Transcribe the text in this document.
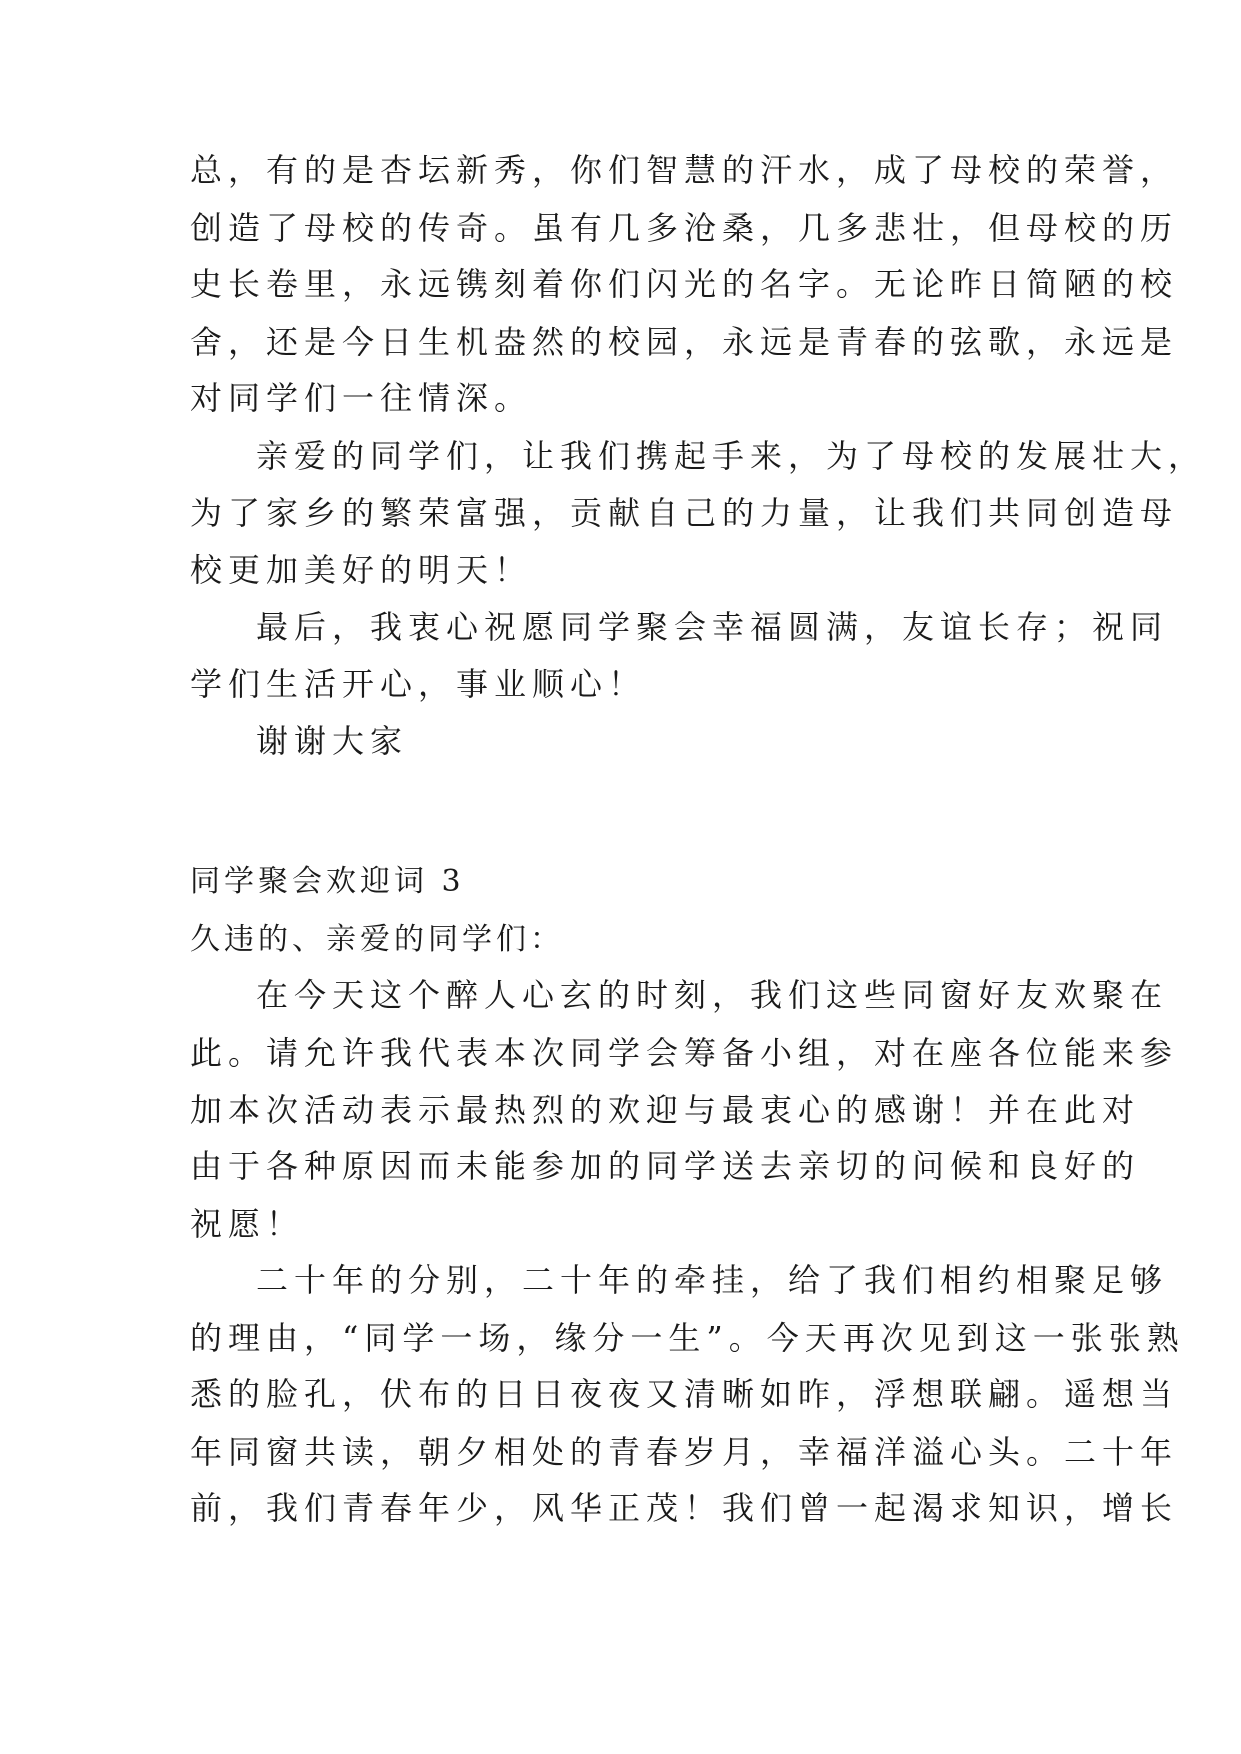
总，有的是杏坛新秀，你们智慧的汗水，成了母校的荣誉，
创造了母校的传奇。虽有几多沧桑，几多悲壮，但母校的历
史长卷里，永远镌刻着你们闪光的名字。无论昨日简陋的校
舍，还是今日生机盎然的校园，永远是青春的弦歌，永远是
对同学们一往情深。
亲爱的同学们，让我们携起手来，为了母校的发展壮大，
为了家乡的繁荣富强，贡献自己的力量，让我们共同创造母
校更加美好的明天！
最后，我衷心祝愿同学聚会幸福圆满，友谊长存；祝同
学们生活开心，事业顺心！
谢谢大家
同学聚会欢迎词 3
久违的、亲爱的同学们：
在今天这个醉人心玄的时刻，我们这些同窗好友欢聚在
此。请允许我代表本次同学会筹备小组，对在座各位能来参
加本次活动表示最热烈的欢迎与最衷心的感谢！并在此对
由于各种原因而未能参加的同学送去亲切的问候和良好的
祝愿！
二十年的分别，二十年的牵挂，给了我们相约相聚足够
的理由，“同学一场，缘分一生”。今天再次见到这一张张熟
悉的脸孔，伏布的日日夜夜又清晰如昨，浮想联翩。遥想当
年同窗共读，朝夕相处的青春岁月，幸福洋溢心头。二十年
前，我们青春年少，风华正茂！我们曾一起渴求知识，增长
